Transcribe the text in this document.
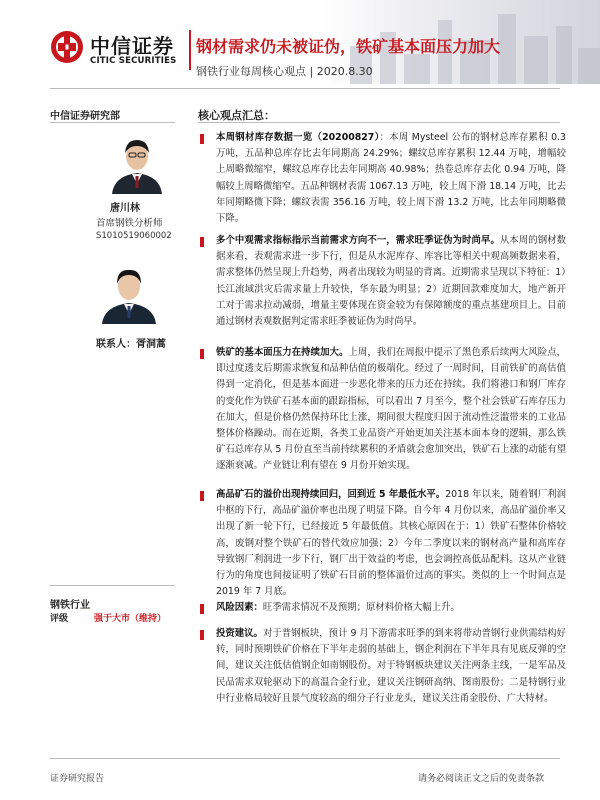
中信证券
CITIC SECURITIES
钢材需求仍未被证伪，铁矿基本面压力加大
钢铁行业每周核心观点 | 2020.8.30
中信证券研究部
唐川林
首席钢铁分析师
S1010519060002
联系人：胥洞蒿
钢铁行业
评级	强于大市（维持）
核心观点汇总：
本周钢材库存数据一览（20200827）：本周 Mysteel 公布的钢材总库存累积 0.3 万吨，五品种总库存比去年同期高 24.29%；螺纹总库存累积 12.44 万吨，增幅较上周略微缩窄，螺纹总库存比去年同期高 40.98%；热卷总库存去化 0.94 万吨，降幅较上周略微缩窄。五品种钢材表需 1067.13 万吨，较上周下滑 18.14 万吨，比去年同期略微下降；螺纹表需 356.16 万吨，较上周下滑 13.2 万吨，比去年同期略微下降。
多个中观需求指标指示当前需求方向不一，需求旺季证伪为时尚早。从本周的钢材数据来看，表观需求进一步下行，但是从水泥库存、库容比等相关中观高频数据来看，需求整体仍然呈现上升趋势，两者出现较为明显的背离。近期需求呈现以下特征：1）长江流域洪灾后需求量上升较快，华东最为明显；2）近期回款难度加大，地产新开工对于需求拉动减弱，增量主要体现在资金较为有保障额度的重点基建项目上。目前通过钢材表观数据判定需求旺季被证伪为时尚早。
铁矿的基本面压力在持续加大。上周，我们在周报中提示了黑色系后续两大风险点，即过度透支后期需求恢复和品种估值的极端化。经过了一周时间，目前铁矿的高估值得到一定消化，但是基本面进一步恶化带来的压力还在持续。我们将港口和钢厂库存的变化作为铁矿石基本面的跟踪指标，可以看出 7 月至今，整个社会铁矿石库存压力在加大，但是价格仍然保持环比上涨，期间很大程度归因于流动性泛滥带来的工业品整体价格躁动。而在近期，各类工业品资产开始更加关注基本面本身的逻辑，那么铁矿石总库存从 5 月份直至当前持续累积的矛盾就会愈加突出，铁矿石上涨的动能有望逐渐衰减。产业链让利有望在 9 月份开始实现。
高品矿石的溢价出现持续回归，回到近 5 年最低水平。2018 年以来，随着钢厂利润中枢的下行，高品矿溢价率也出现了明显下降。自今年 4 月份以来，高品矿溢价率又出现了新一轮下行，已经接近 5 年最低值。其核心原因在于：1）铁矿石整体价格较高，废钢对整个铁矿石的替代效应加强；2）今年二季度以来的钢材高产量和高库存导致钢厂利润进一步下行，钢厂出于效益的考虑，也会调控高低品配料。这从产业链行为的角度也间接证明了铁矿石目前的整体溢价过高的事实。类似的上一个时间点是 2019 年 7 月底。
风险因素：旺季需求情况不及预期；原材料价格大幅上升。
投资建议。对于普钢板块，预计 9 月下游需求旺季的到来将带动普钢行业供需结构好转，同时预期铁矿价格在下半年走弱的基础上，钢企利润在下半年具有见底反弹的空间，建议关注低估值钢企如南钢股份。对于特钢板块建议关注两条主线，一是军品及民品需求双轮驱动下的高温合金行业，建议关注钢研高纳、图南股份；二是特钢行业中行业格局较好且景气度较高的细分子行业龙头，建议关注甬金股份、广大特材。
证券研究报告	请务必阅读正文之后的免责条款
